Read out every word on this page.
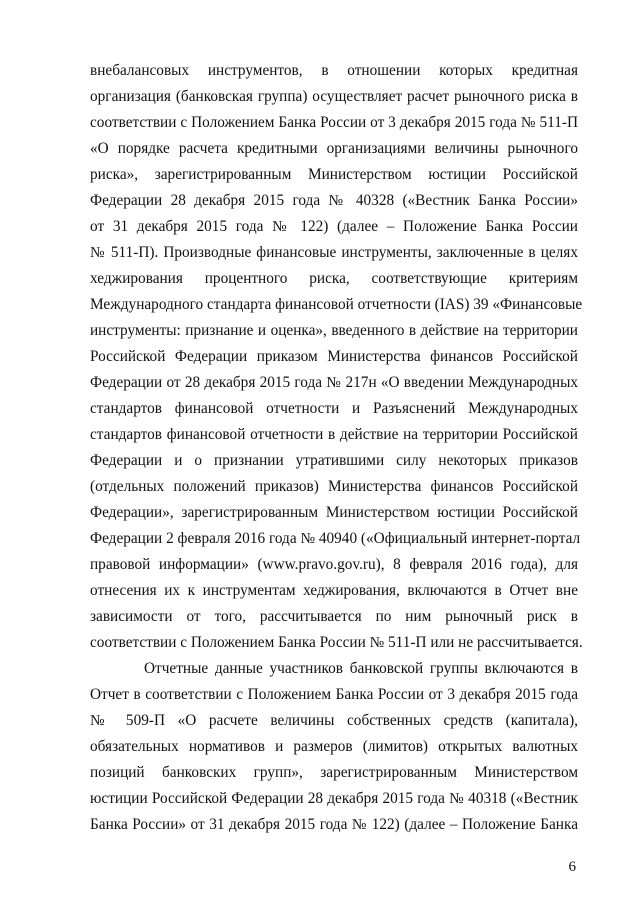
внебалансовых инструментов, в отношении которых кредитная
организация (банковская группа) осуществляет расчет рыночного риска в
соответствии с Положением Банка России от 3 декабря 2015 года № 511-П
«О порядке расчета кредитными организациями величины рыночного
риска», зарегистрированным Министерством юстиции Российской
Федерации 28 декабря 2015 года № 40328 («Вестник Банка России»
от 31 декабря 2015 года № 122) (далее – Положение Банка России
№ 511-П). Производные финансовые инструменты, заключенные в целях
хеджирования процентного риска, соответствующие критериям
Международного стандарта финансовой отчетности (IAS) 39 «Финансовые
инструменты: признание и оценка», введенного в действие на территории
Российской Федерации приказом Министерства финансов Российской
Федерации от 28 декабря 2015 года № 217н «О введении Международных
стандартов финансовой отчетности и Разъяснений Международных
стандартов финансовой отчетности в действие на территории Российской
Федерации и о признании утратившими силу некоторых приказов
(отдельных положений приказов) Министерства финансов Российской
Федерации», зарегистрированным Министерством юстиции Российской
Федерации 2 февраля 2016 года № 40940 («Официальный интернет-портал
правовой информации» (www.pravo.gov.ru), 8 февраля 2016 года), для
отнесения их к инструментам хеджирования, включаются в Отчет вне
зависимости от того, рассчитывается по ним рыночный риск в
соответствии с Положением Банка России № 511-П или не рассчитывается.
Отчетные данные участников банковской группы включаются в
Отчет в соответствии с Положением Банка России от 3 декабря 2015 года
№ 509-П «О расчете величины собственных средств (капитала),
обязательных нормативов и размеров (лимитов) открытых валютных
позиций банковских групп», зарегистрированным Министерством
юстиции Российской Федерации 28 декабря 2015 года № 40318 («Вестник
Банка России» от 31 декабря 2015 года № 122) (далее – Положение Банка
6
